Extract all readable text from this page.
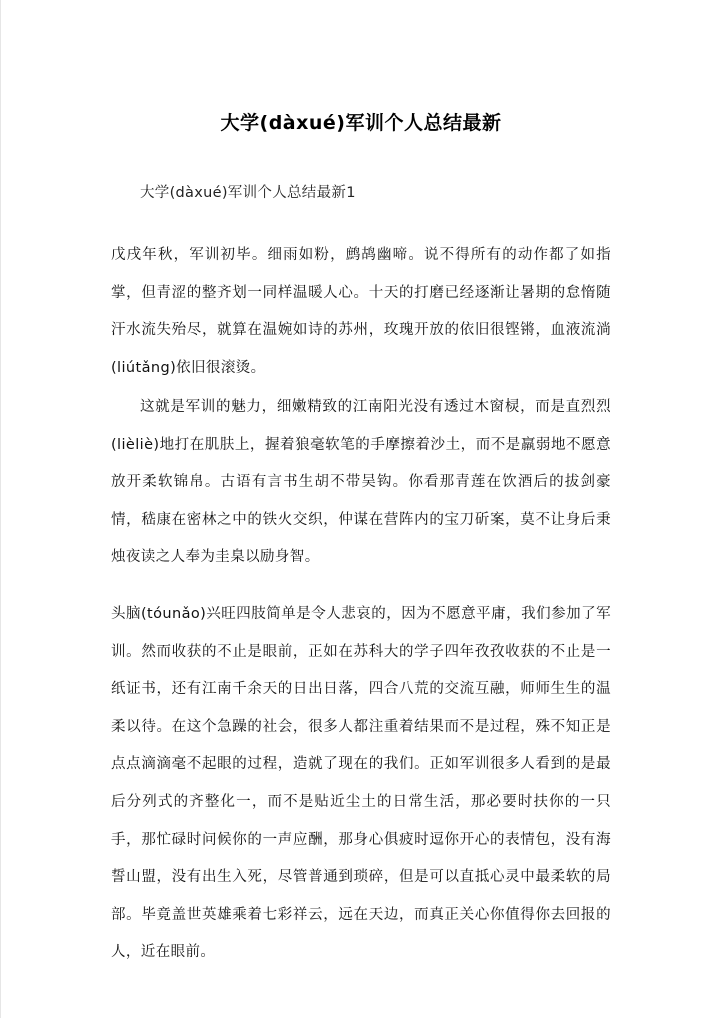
大学(dàxué)军训个人总结最新
大学(dàxué)军训个人总结最新1

戊戌年秋，军训初毕。细雨如粉，鹧鸪幽啼。说不得所有的动作都了如指掌，但青涩的整齐划一同样温暖人心。十天的打磨已经逐渐让暑期的怠惰随汗水流失殆尽，就算在温婉如诗的苏州，玫瑰开放的依旧很铿锵，血液流淌(liútǎng)依旧很滚烫。

这就是军训的魅力，细嫩精致的江南阳光没有透过木窗棂，而是直烈烈(lièliè)地打在肌肤上，握着狼毫软笔的手摩擦着沙土，而不是羸弱地不愿意放开柔软锦帛。古语有言书生胡不带吴钩。你看那青莲在饮酒后的拔剑豪情，嵇康在密林之中的铁火交织，仲谋在营阵内的宝刀斫案，莫不让身后秉烛夜读之人奉为圭臬以励身智。

头脑(tóunǎo)兴旺四肢简单是令人悲哀的，因为不愿意平庸，我们参加了军训。然而收获的不止是眼前，正如在苏科大的学子四年孜孜收获的不止是一纸证书，还有江南千余天的日出日落，四合八荒的交流互融，师师生生的温柔以待。在这个急躁的社会，很多人都注重着结果而不是过程，殊不知正是点点滴滴毫不起眼的过程，造就了现在的我们。正如军训很多人看到的是最后分列式的齐整化一，而不是贴近尘土的日常生活，那必要时扶你的一只手，那忙碌时问候你的一声应酬，那身心俱疲时逗你开心的表情包，没有海誓山盟，没有出生入死，尽管普通到琐碎，但是可以直抵心灵中最柔软的局部。毕竟盖世英雄乘着七彩祥云，远在天边，而真正关心你值得你去回报的人，近在眼前。
